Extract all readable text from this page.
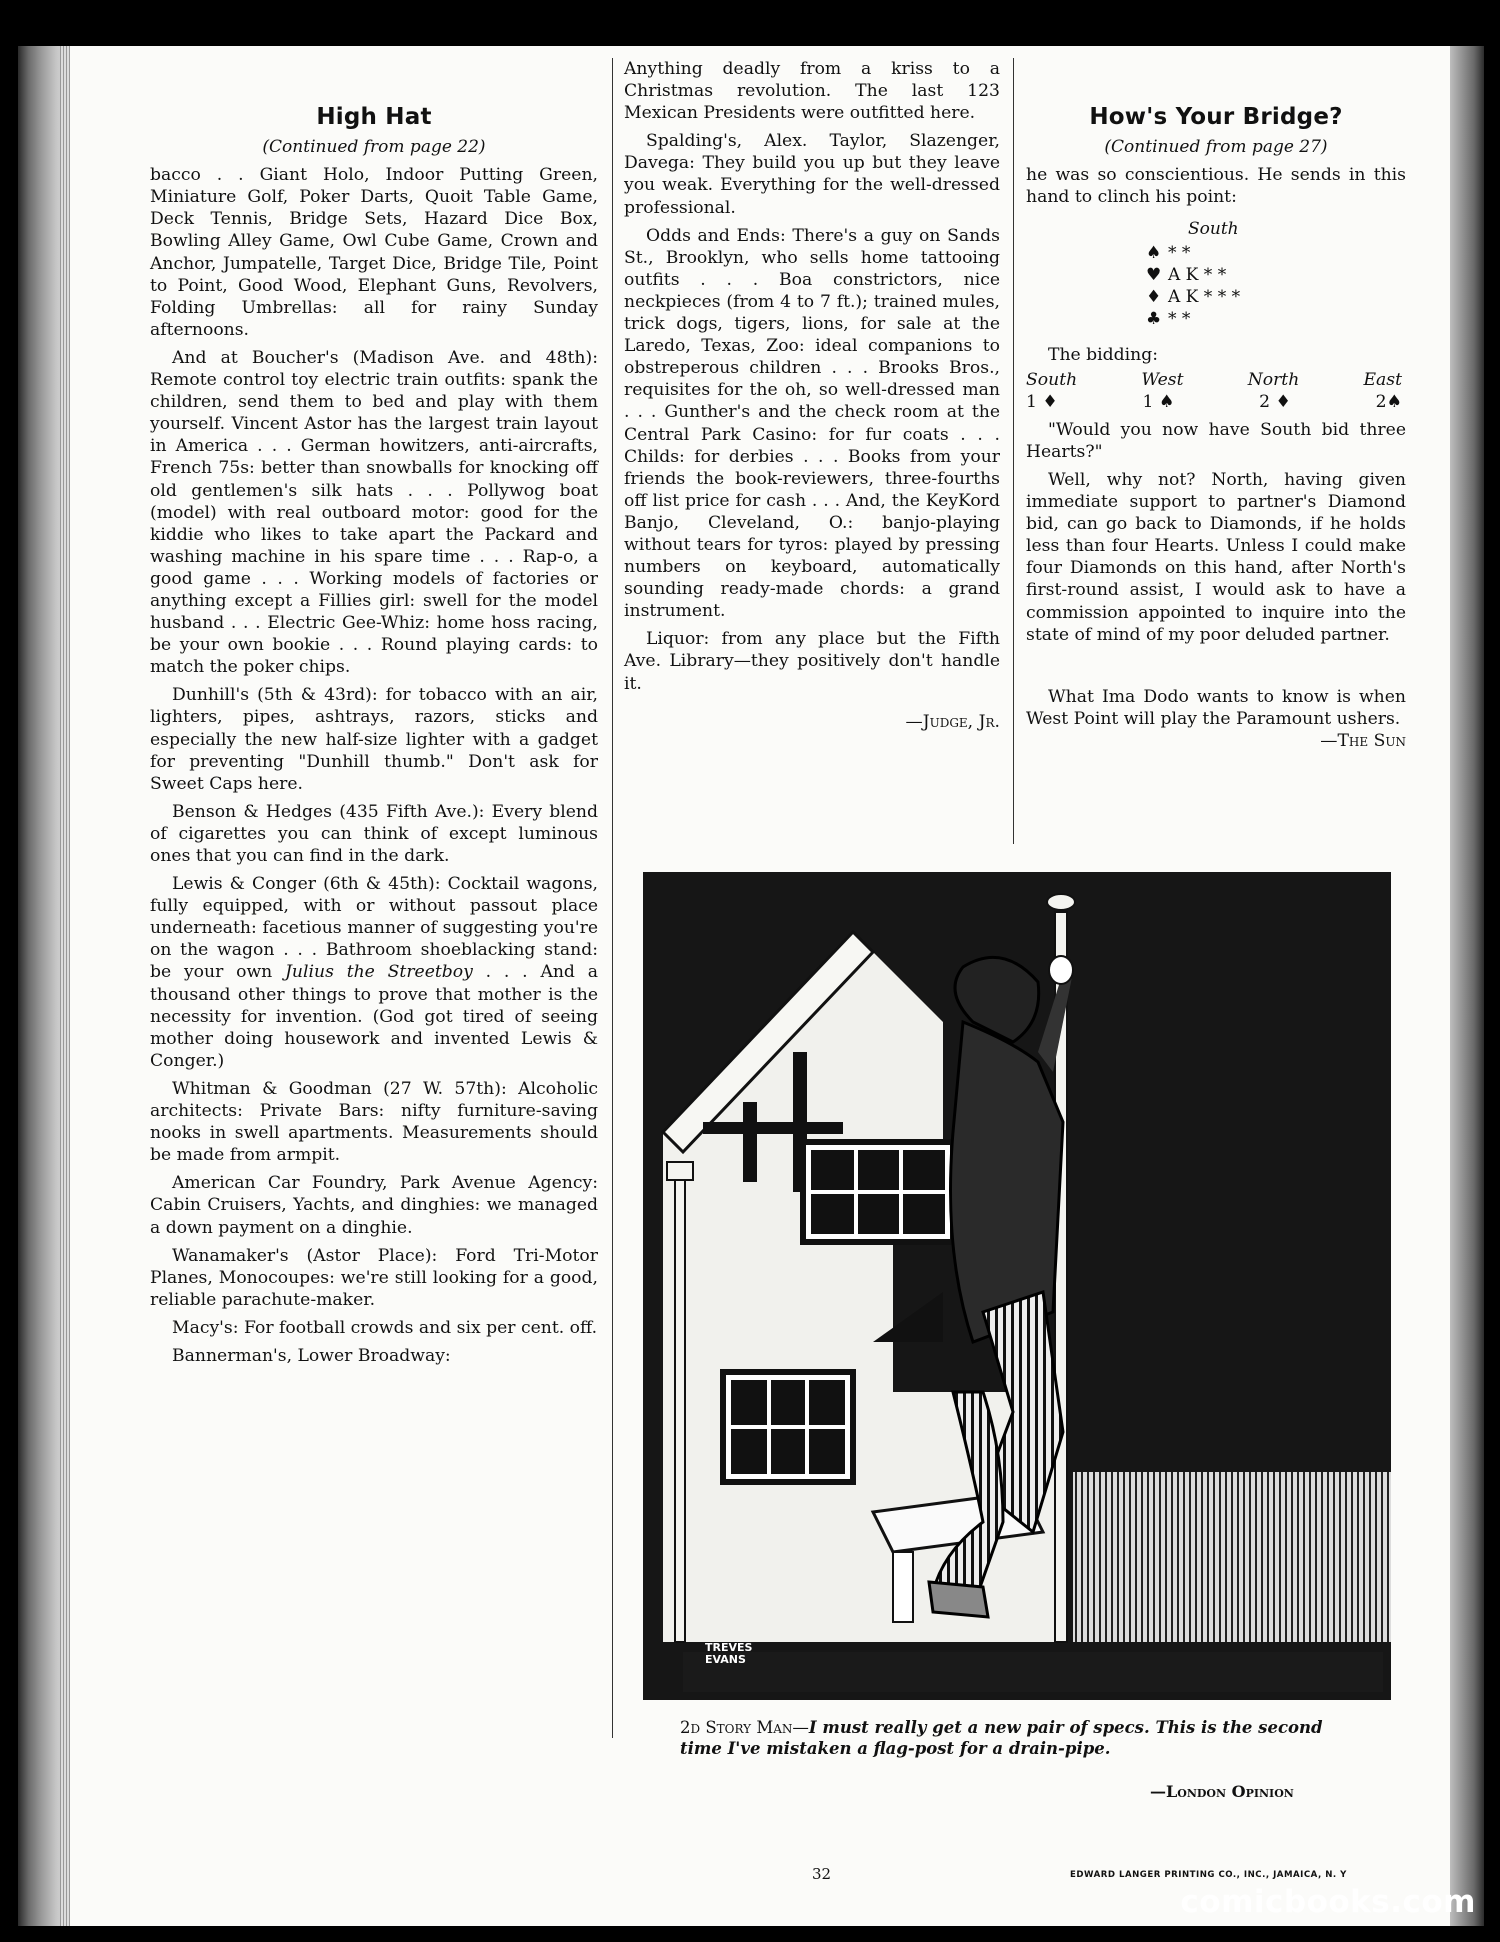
High Hat

(Continued from page 22)

bacco . . Giant Holo, Indoor Putting Green, Miniature Golf, Poker Darts, Quoit Table Game, Deck Tennis, Bridge Sets, Hazard Dice Box, Bowling Alley Game, Owl Cube Game, Crown and Anchor, Jumpatelle, Target Dice, Bridge Tile, Point to Point, Good Wood, Elephant Guns, Revolvers, Folding Umbrellas: all for rainy Sunday afternoons.

And at Boucher's (Madison Ave. and 48th): Remote control toy electric train outfits: spank the children, send them to bed and play with them yourself. Vincent Astor has the largest train layout in America . . . German howitzers, anti-aircrafts, French 75s: better than snowballs for knocking off old gentlemen's silk hats . . . Pollywog boat (model) with real outboard motor: good for the kiddie who likes to take apart the Packard and washing machine in his spare time . . . Rap-o, a good game . . . Working models of factories or anything except a Fillies girl: swell for the model husband . . . Electric Gee-Whiz: home hoss racing, be your own bookie . . . Round playing cards: to match the poker chips.

Dunhill's (5th & 43rd): for tobacco with an air, lighters, pipes, ashtrays, razors, sticks and especially the new half-size lighter with a gadget for preventing "Dunhill thumb." Don't ask for Sweet Caps here.

Benson & Hedges (435 Fifth Ave.): Every blend of cigarettes you can think of except luminous ones that you can find in the dark.

Lewis & Conger (6th & 45th): Cocktail wagons, fully equipped, with or without passout place underneath: facetious manner of suggesting you're on the wagon . . . Bathroom shoeblacking stand: be your own Julius the Streetboy . . . And a thousand other things to prove that mother is the necessity for invention. (God got tired of seeing mother doing housework and invented Lewis & Conger.)

Whitman & Goodman (27 W. 57th): Alcoholic architects: Private Bars: nifty furniture-saving nooks in swell apartments. Measurements should be made from armpit.

American Car Foundry, Park Avenue Agency: Cabin Cruisers, Yachts, and dinghies: we managed a down payment on a dinghie.

Wanamaker's (Astor Place): Ford Tri-Motor Planes, Monocoupes: we're still looking for a good, reliable parachute-maker.

Macy's: For football crowds and six per cent. off.

Bannerman's, Lower Broadway:

Anything deadly from a kriss to a Christmas revolution. The last 123 Mexican Presidents were outfitted here.

Spalding's, Alex. Taylor, Slazenger, Davega: They build you up but they leave you weak. Everything for the well-dressed professional.

Odds and Ends: There's a guy on Sands St., Brooklyn, who sells home tattooing outfits . . . Boa constrictors, nice neckpieces (from 4 to 7 ft.); trained mules, trick dogs, tigers, lions, for sale at the Laredo, Texas, Zoo: ideal companions to obstreperous children . . . Brooks Bros., requisites for the oh, so well-dressed man . . . Gunther's and the check room at the Central Park Casino: for fur coats . . . Childs: for derbies . . . Books from your friends the book-reviewers, three-fourths off list price for cash . . . And, the KeyKord Banjo, Cleveland, O.: banjo-playing without tears for tyros: played by pressing numbers on keyboard, automatically sounding ready-made chords: a grand instrument.

Liquor: from any place but the Fifth Ave. Library—they positively don't handle it.

—Judge, Jr.

How's Your Bridge?

(Continued from page 27)

he was so conscientious. He sends in this hand to clinch his point:

South
♠ * *
♥ A K * *
♦ A K * * *
♣ * *

The bidding:

South	West	North	East
1 ♦	1 ♠	2 ♦	2♠

"Would you now have South bid three Hearts?"

Well, why not? North, having given immediate support to partner's Diamond bid, can go back to Diamonds, if he holds less than four Hearts. Unless I could make four Diamonds on this hand, after North's first-round assist, I would ask to have a commission appointed to inquire into the state of mind of my poor deluded partner.

What Ima Dodo wants to know is when West Point will play the Paramount ushers.

—The Sun

TREVES EVANS
2d Story Man—I must really get a new pair of specs. This is the second time I've mistaken a flag-post for a drain-pipe.
—London Opinion
32	EDWARD LANGER PRINTING CO., INC., JAMAICA, N. Y
comicbooks.com
